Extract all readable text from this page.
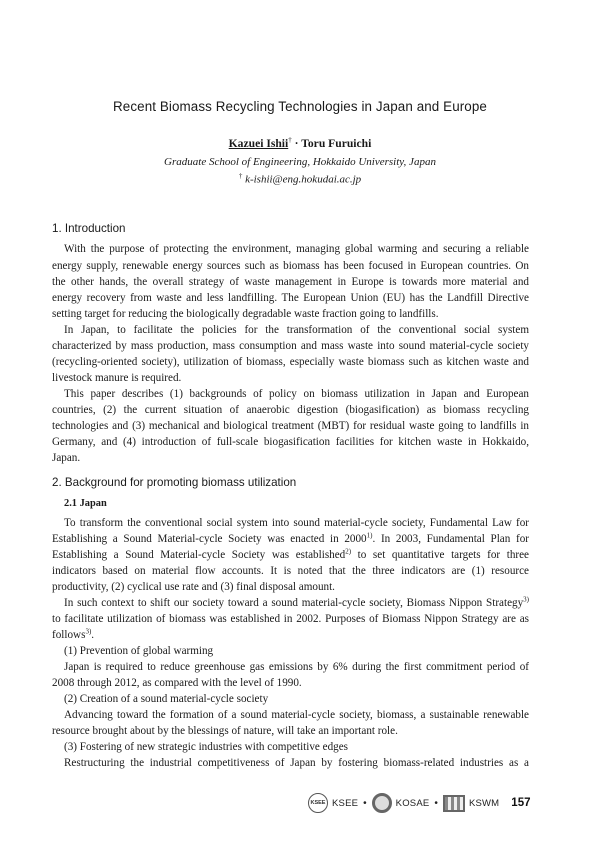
Recent Biomass Recycling Technologies in Japan and Europe
Kazuei Ishii† · Toru Furuichi
Graduate School of Engineering, Hokkaido University, Japan
† k-ishii@eng.hokudai.ac.jp
1. Introduction
With the purpose of protecting the environment, managing global warming and securing a reliable
energy supply, renewable energy sources such as biomass has been focused in European countries. On
the other hands, the overall strategy of waste management in Europe is towards more material and
energy recovery from waste and less landfilling. The European Union (EU) has the Landfill Directive
setting target for reducing the biologically degradable waste fraction going to landfills.
In Japan, to facilitate the policies for the transformation of the conventional social system
characterized by mass production, mass consumption and mass waste into sound material-cycle society
(recycling-oriented society), utilization of biomass, especially waste biomass such as kitchen waste and
livestock manure is required.
This paper describes (1) backgrounds of policy on biomass utilization in Japan and European
countries, (2) the current situation of anaerobic digestion (biogasification) as biomass recycling
technologies and (3) mechanical and biological treatment (MBT) for residual waste going to landfills in
Germany, and (4) introduction of full-scale biogasification facilities for kitchen waste in Hokkaido,
Japan.
2. Background for promoting biomass utilization
2.1 Japan
To transform the conventional social system into sound material-cycle society, Fundamental Law for
Establishing a Sound Material-cycle Society was enacted in 2000$^{1)}$. In 2003, Fundamental Plan for
Establishing a Sound Material-cycle Society was established$^{2)}$ to set quantitative targets for three
indicators based on material flow accounts. It is noted that the three indicators are (1) resource
productivity, (2) cyclical use rate and (3) final disposal amount.
In such context to shift our society toward a sound material-cycle society, Biomass Nippon Strategy$^{3)}$
to facilitate utilization of biomass was established in 2002. Purposes of Biomass Nippon Strategy are as
follows$^{3)}$.
(1) Prevention of global warming
Japan is required to reduce greenhouse gas emissions by 6% during the first commitment period of
2008 through 2012, as compared with the level of 1990.
(2) Creation of a sound material-cycle society
Advancing toward the formation of a sound material-cycle society, biomass, a sustainable renewable
resource brought about by the blessings of nature, will take an important role.
(3) Fostering of new strategic industries with competitive edges
Restructuring the industrial competitiveness of Japan by fostering biomass-related industries as a
KSEE KSEE •	KOSAE •	KSWM 157
